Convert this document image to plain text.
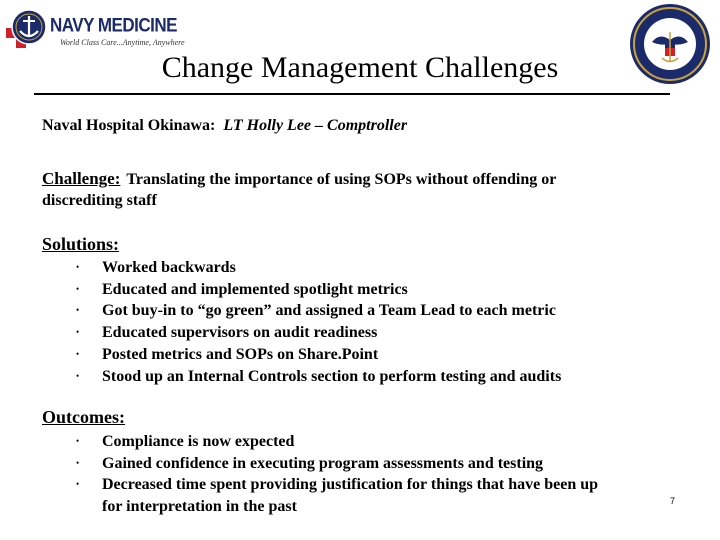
NAVY MEDICINE
World Class Care...Anytime, Anywhere
Change Management Challenges
Naval Hospital Okinawa: LT Holly Lee – Comptroller
Challenge: Translating the importance of using SOPs without offending or
discrediting staff
Solutions:
• Worked backwards
• Educated and implemented spotlight metrics
• Got buy-in to “go green” and assigned a Team Lead to each metric
• Educated supervisors on audit readiness
• Posted metrics and SOPs on Share.Point
• Stood up an Internal Controls section to perform testing and audits
Outcomes:
• Compliance is now expected
• Gained confidence in executing program assessments and testing
• Decreased time spent providing justification for things that have been up
for interpretation in the past	7
